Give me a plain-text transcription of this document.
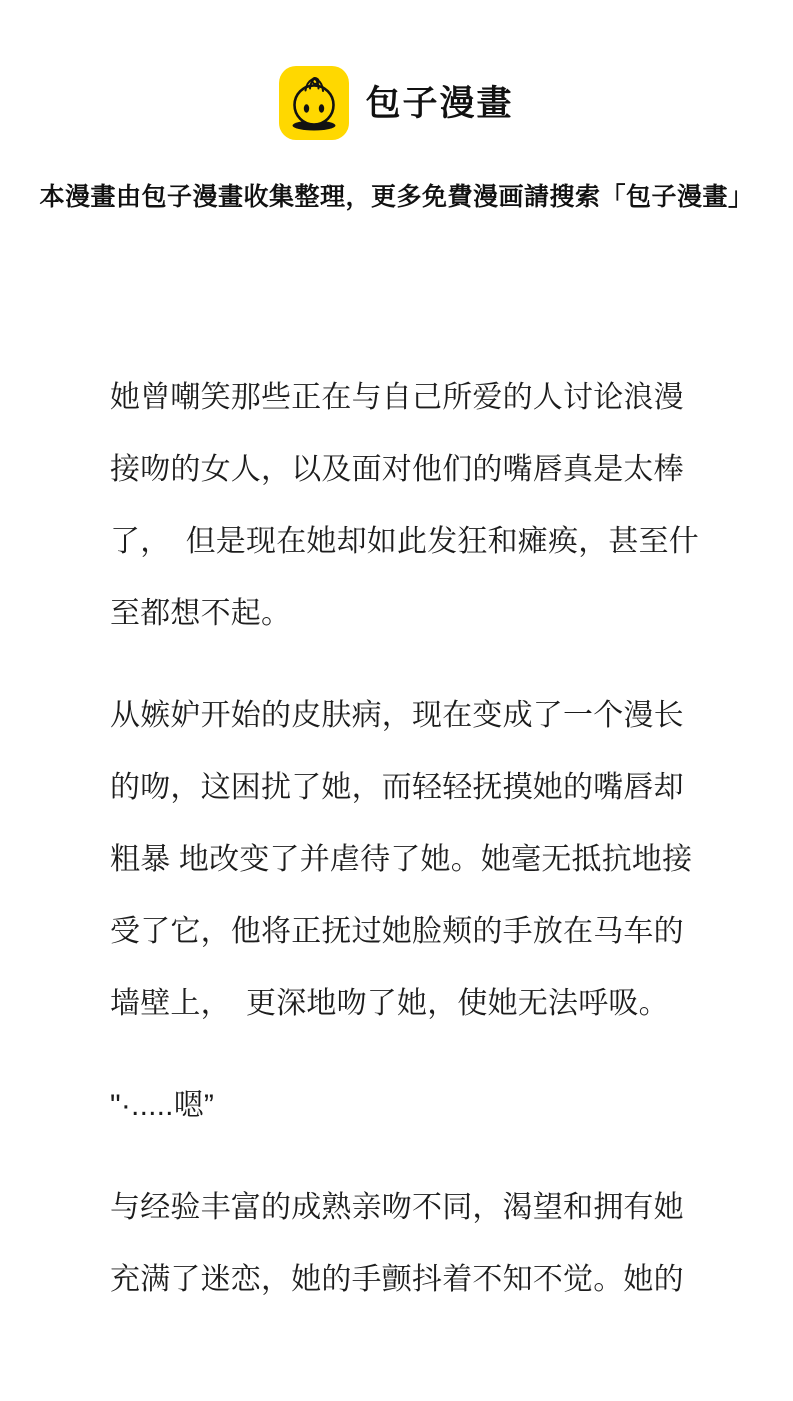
包子漫畫
本漫畫由包子漫畫收集整理，更多免費漫画請搜索「包子漫畫」
她曾嘲笑那些正在与自己所爱的人讨论浪漫
接吻的女人，以及面对他们的嘴唇真是太棒
了，　但是现在她却如此发狂和瘫痪，甚至什
至都想不起。
从嫉妒开始的皮肤病，现在变成了一个漫长
的吻，这困扰了她，而轻轻抚摸她的嘴唇却
粗暴 地改变了并虐待了她。她毫无抵抗地接
受了它，他将正抚过她脸颊的手放在马车的
墙壁上，　更深地吻了她，使她无法呼吸。
"·.....嗯”
与经验丰富的成熟亲吻不同，渴望和拥有她
充满了迷恋，她的手颤抖着不知不觉。她的
